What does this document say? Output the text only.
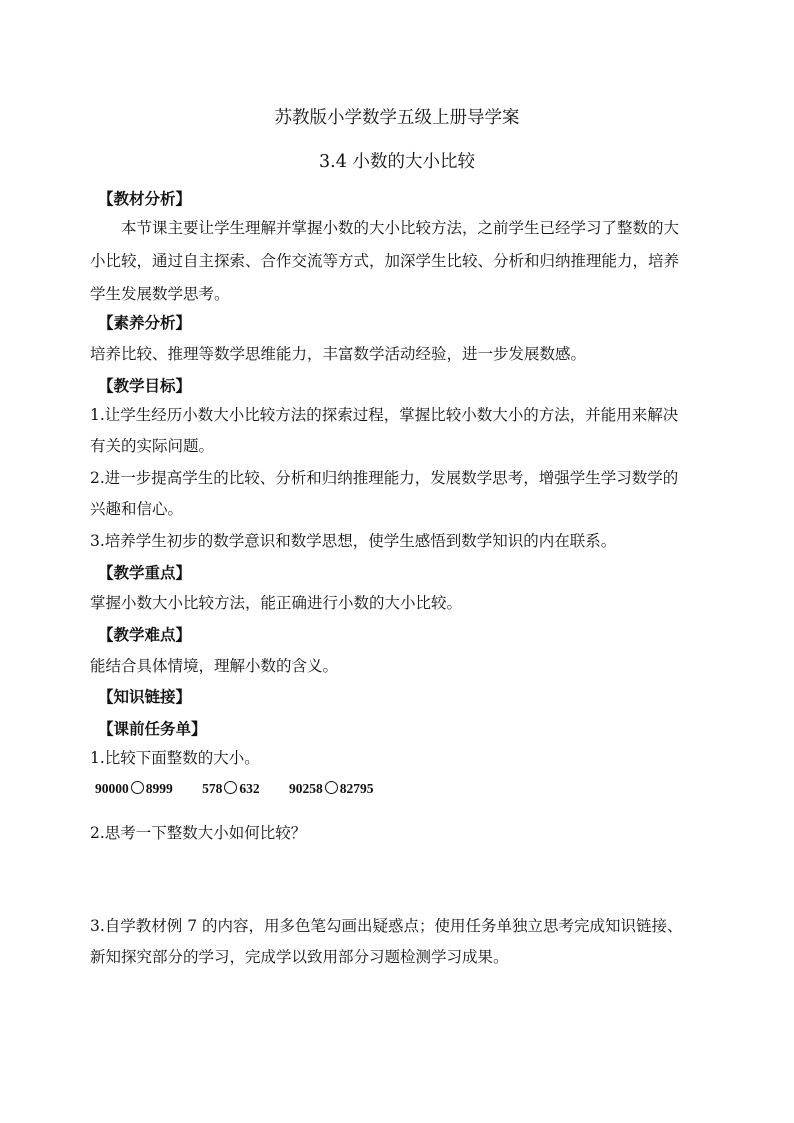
苏教版小学数学五级上册导学案
3.4 小数的大小比较
【教材分析】
本节课主要让学生理解并掌握小数的大小比较方法，之前学生已经学习了整数的大
小比较，通过自主探索、合作交流等方式，加深学生比较、分析和归纳推理能力，培养
学生发展数学思考。
【素养分析】
培养比较、推理等数学思维能力，丰富数学活动经验，进一步发展数感。
【教学目标】
1.让学生经历小数大小比较方法的探索过程，掌握比较小数大小的方法，并能用来解决
有关的实际问题。
2.进一步提高学生的比较、分析和归纳推理能力，发展数学思考，增强学生学习数学的
兴趣和信心。
3.培养学生初步的数学意识和数学思想，使学生感悟到数学知识的内在联系。
【教学重点】
掌握小数大小比较方法，能正确进行小数的大小比较。
【教学难点】
能结合具体情境，理解小数的含义。
【知识链接】
【课前任务单】
1.比较下面整数的大小。
90000 8999 578 632 90258 82795
2.思考一下整数大小如何比较？
3.自学教材例 7 的内容，用多色笔勾画出疑惑点；使用任务单独立思考完成知识链接、
新知探究部分的学习，完成学以致用部分习题检测学习成果。
